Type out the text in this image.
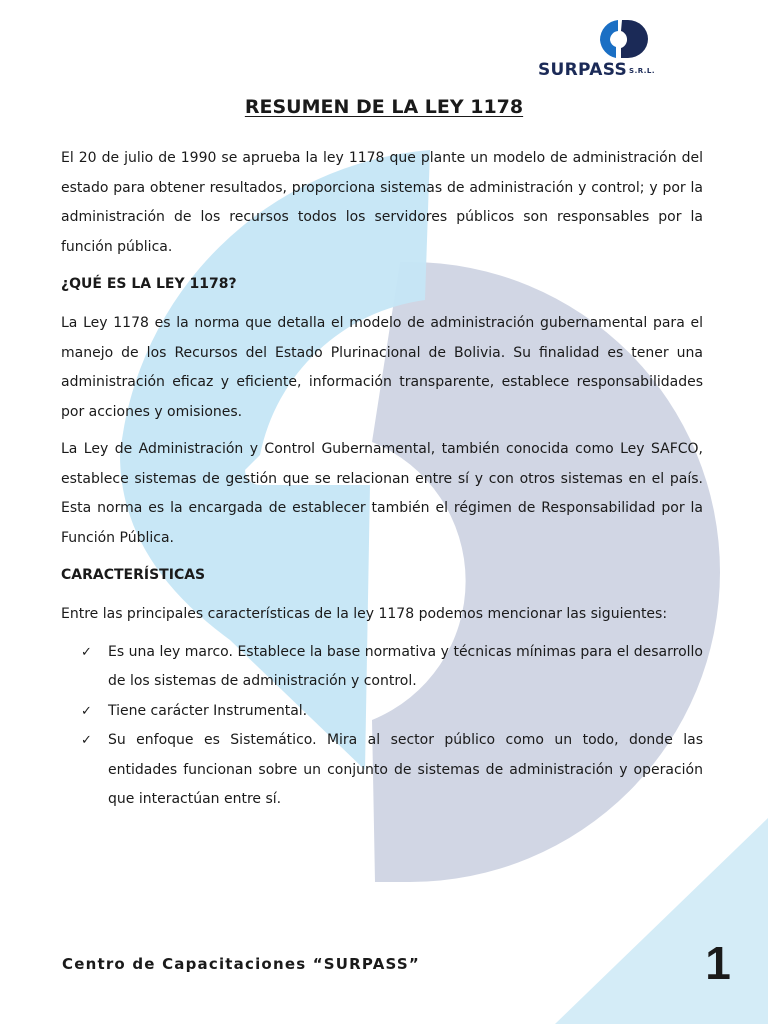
SURPASS S.R.L.
RESUMEN DE LA LEY 1178

El 20 de julio de 1990 se aprueba la ley 1178 que plante un modelo de administración del estado para obtener resultados, proporciona sistemas de administración y control; y por la administración de los recursos todos los servidores públicos son responsables por la función pública.

¿QUÉ ES LA LEY 1178?

La Ley 1178 es la norma que detalla el modelo de administración gubernamental para el manejo de los Recursos del Estado Plurinacional de Bolivia. Su finalidad es tener una administración eficaz y eficiente, información transparente, establece responsabilidades por acciones y omisiones.

La Ley de Administración y Control Gubernamental, también conocida como Ley SAFCO, establece sistemas de gestión que se relacionan entre sí y con otros sistemas en el país. Esta norma es la encargada de establecer también el régimen de Responsabilidad por la Función Pública.

CARACTERÍSTICAS

Entre las principales características de la ley 1178 podemos mencionar las siguientes:

✓ Es una ley marco. Establece la base normativa y técnicas mínimas para el desarrollo de los sistemas de administración y control.
✓ Tiene carácter Instrumental.
✓ Su enfoque es Sistemático. Mira al sector público como un todo, donde las entidades funcionan sobre un conjunto de sistemas de administración y operación que interactúan entre sí.
Centro de Capacitaciones “SURPASS”	1
